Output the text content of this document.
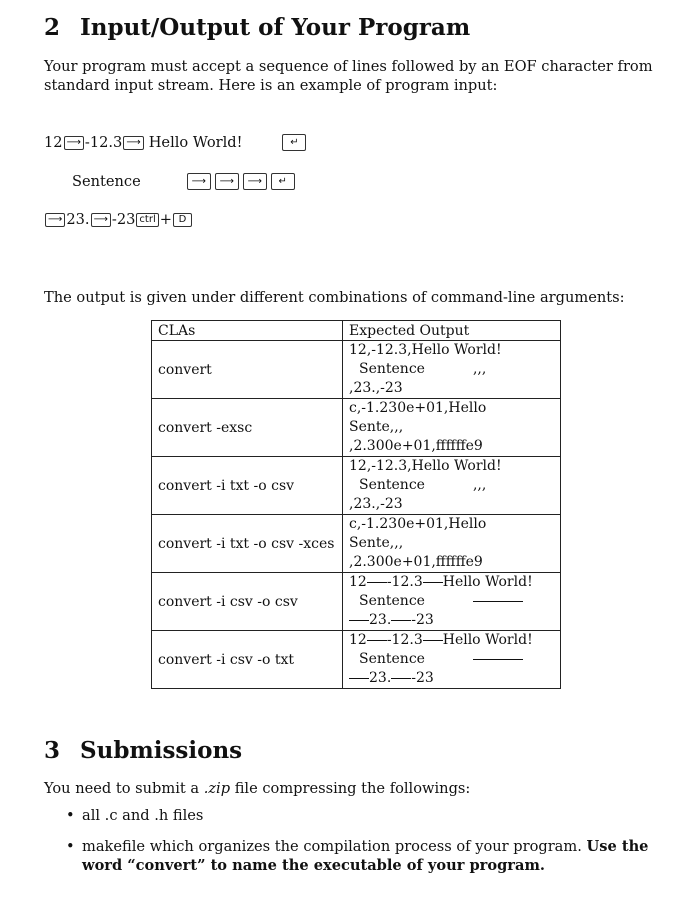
2 Input/Output of Your Program
Your program must accept a sequence of lines followed by an EOF character from standard input stream. Here is an example of program input:
12 ⟶ -12.3 ⟶ Hello World!	↵
Sentence	⟶	⟶	⟶	↵
⟶ 23. ⟶ -23 ctrl + D
The output is given under different combinations of command-line arguments:
CLAs	Expected Output
convert	12,-12.3,Hello World!
Sentence ,,,
,23.,-23

convert -exsc	c,-1.230e+01,Hello
Sente,,,
,2.300e+01,ffffffe9

convert -i txt -o csv	12,-12.3,Hello World!
Sentence ,,,
,23.,-23

convert -i txt -o csv -xces	c,-1.230e+01,Hello
Sente,,,
,2.300e+01,ffffffe9

convert -i csv -o csv	12 -12.3 Hello World!
Sentence
23. -23

convert -i csv -o txt	12 -12.3 Hello World!
Sentence
23. -23
3 Submissions
You need to submit a .zip file compressing the followings:
• all .c and .h files
• makefile which organizes the compilation process of your program. Use the word “convert” to name the executable of your program.
